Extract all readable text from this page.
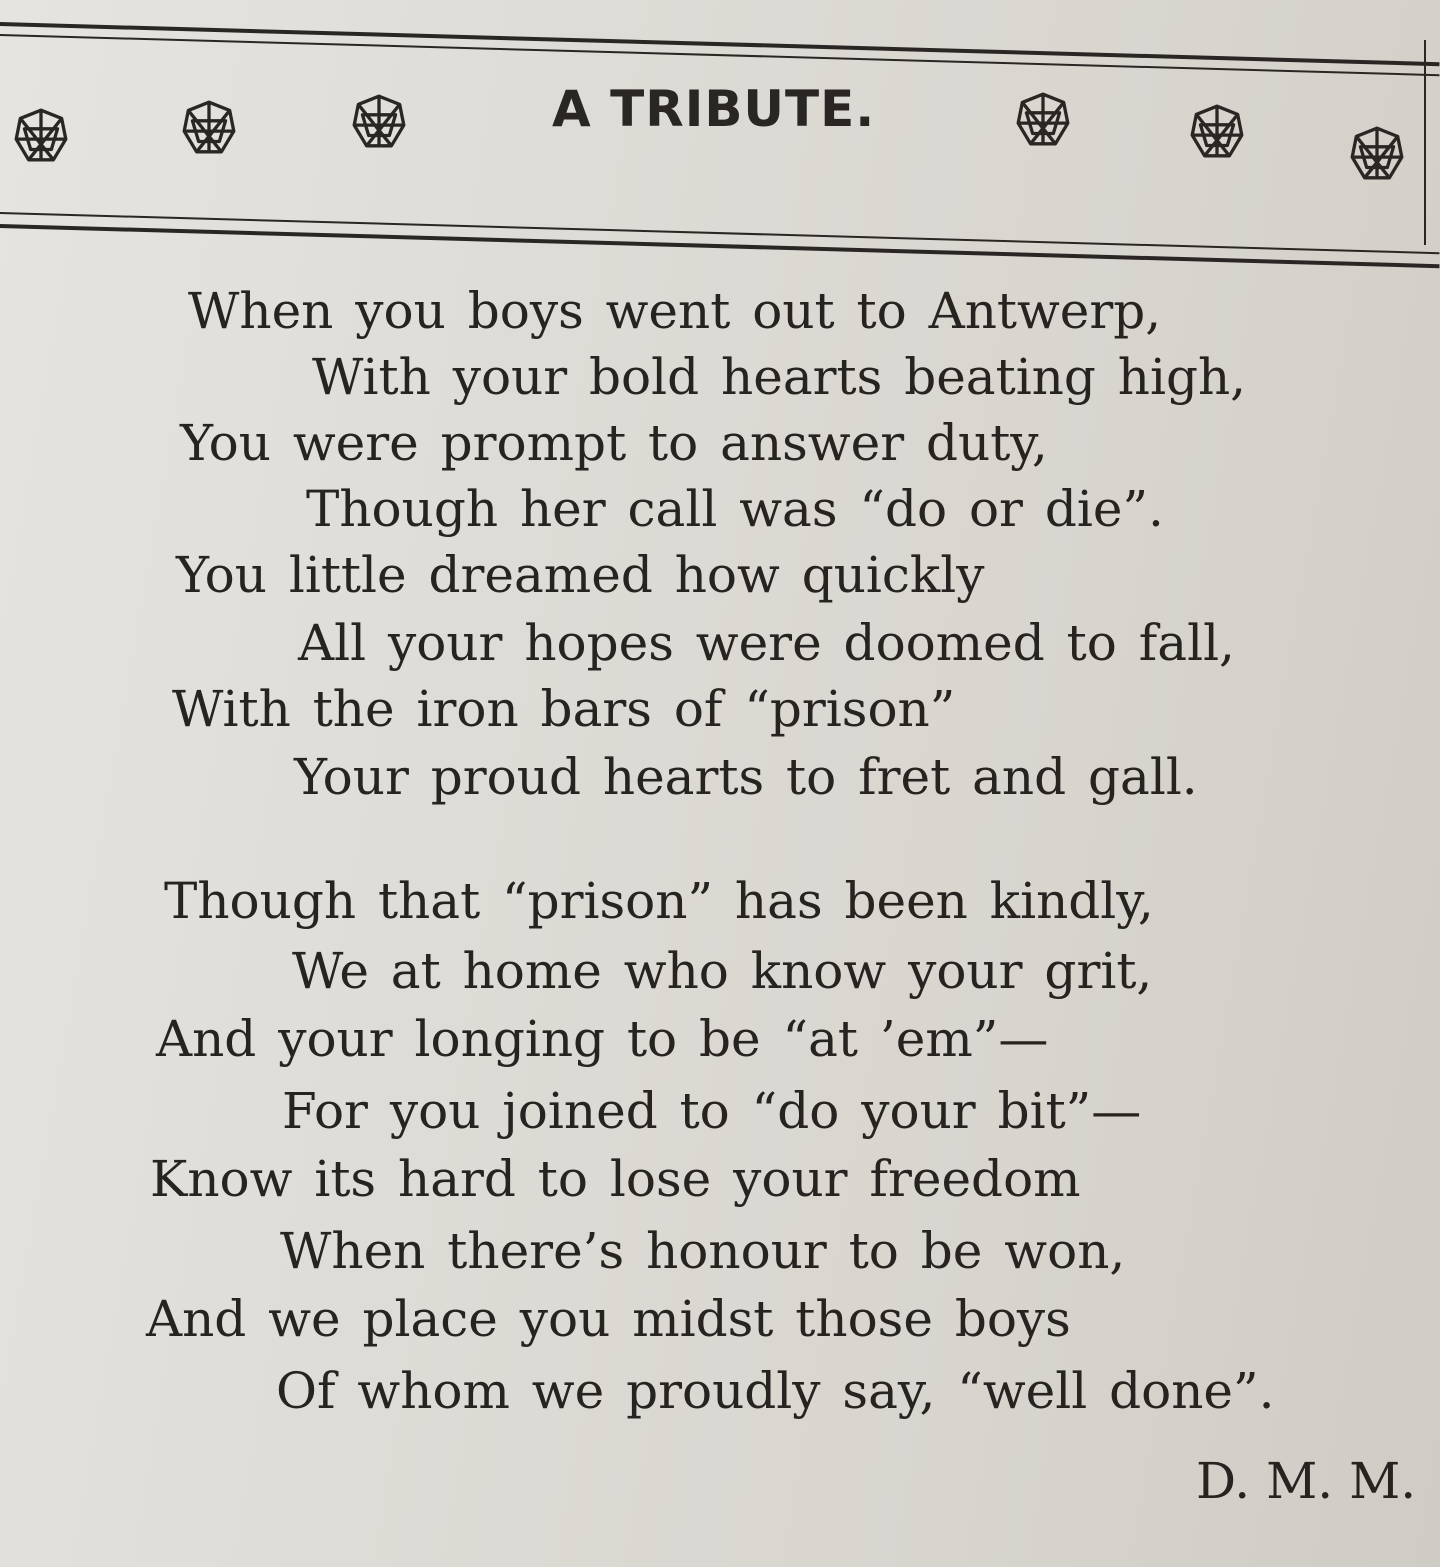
A TRIBUTE.
When you boys went out to Antwerp,
With your bold hearts beating high,
You were prompt to answer duty,
Though her call was “do or die”.
You little dreamed how quickly
All your hopes were doomed to fall,
With the iron bars of “prison”
Your proud hearts to fret and gall.
Though that “prison” has been kindly,
We at home who know your grit,
And your longing to be “at ’em”—
For you joined to “do your bit”—
Know its hard to lose your freedom
When there’s honour to be won,
And we place you midst those boys
Of whom we proudly say, “well done”.
D. M. M.
